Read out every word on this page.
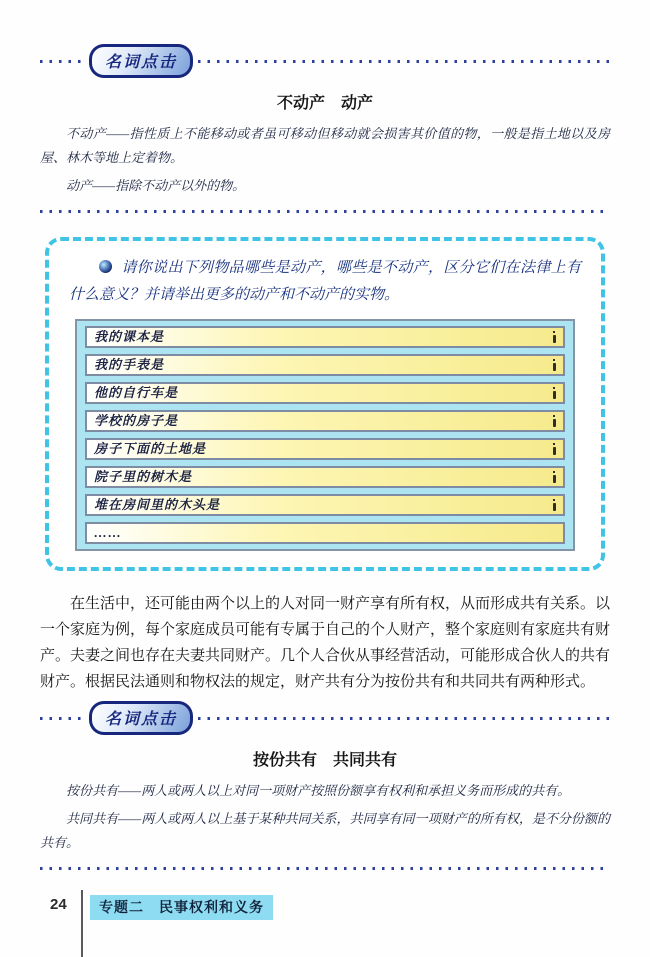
名词点击
不动产　动产

不动产——指性质上不能移动或者虽可移动但移动就会损害其价值的物，一般是指土地以及房屋、林木等地上定着物。

动产——指除不动产以外的物。

请你说出下列物品哪些是动产，哪些是不动产，区分它们在法律上有什么意义？并请举出更多的动产和不动产的实物。

我的课本是
我的手表是
他的自行车是
学校的房子是
房子下面的土地是
院子里的树木是
堆在房间里的木头是
……

在生活中，还可能由两个以上的人对同一财产享有所有权，从而形成共有关系。以一个家庭为例，每个家庭成员可能有专属于自己的个人财产，整个家庭则有家庭共有财产。夫妻之间也存在夫妻共同财产。几个人合伙从事经营活动，可能形成合伙人的共有财产。根据民法通则和物权法的规定，财产共有分为按份共有和共同共有两种形式。

名词点击
按份共有　共同共有

按份共有——两人或两人以上对同一项财产按照份额享有权利和承担义务而形成的共有。

共同共有——两人或两人以上基于某种共同关系，共同享有同一项财产的所有权，是不分份额的共有。

24	专题二　民事权利和义务
